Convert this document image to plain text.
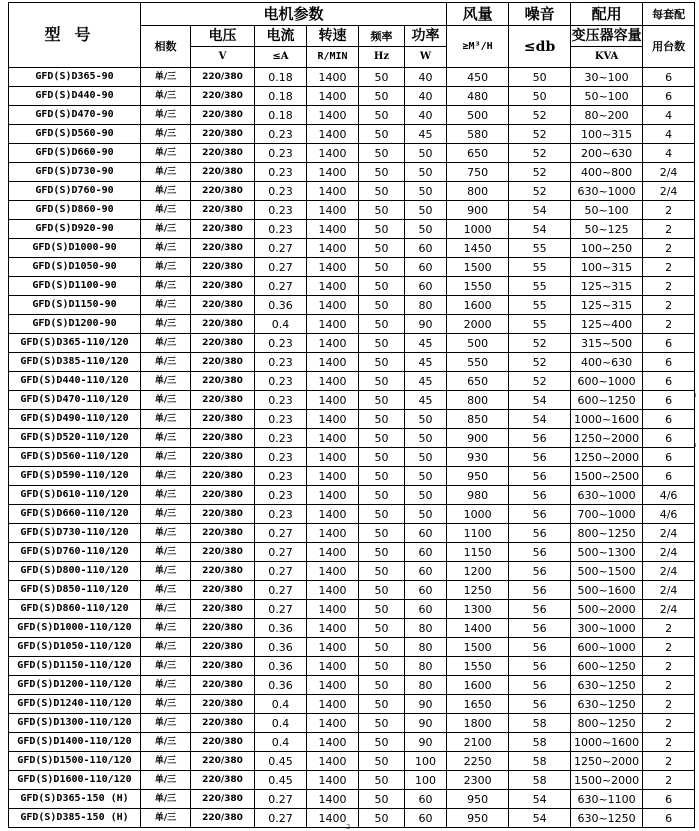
型号	电机参数						风量	噪音	配用	每套配
	相数	电压	电流	转速	频率	功率	≥M³/H	≤db	变压器容量	用台数
		V	≤A	R/MIN	Hz	W			KVA	
GFD(S)D365-90	单/三	220/380	0.18	1400	50	40	450	50	30~100	6
GFD(S)D440-90	单/三	220/380	0.18	1400	50	40	480	50	50~100	6
GFD(S)D470-90	单/三	220/380	0.18	1400	50	40	500	52	80~200	4
GFD(S)D560-90	单/三	220/380	0.23	1400	50	45	580	52	100~315	4
GFD(S)D660-90	单/三	220/380	0.23	1400	50	50	650	52	200~630	4
GFD(S)D730-90	单/三	220/380	0.23	1400	50	50	750	52	400~800	2/4
GFD(S)D760-90	单/三	220/380	0.23	1400	50	50	800	52	630~1000	2/4
GFD(S)D860-90	单/三	220/380	0.23	1400	50	50	900	54	50~100	2
GFD(S)D920-90	单/三	220/380	0.23	1400	50	50	1000	54	50~125	2
GFD(S)D1000-90	单/三	220/380	0.27	1400	50	60	1450	55	100~250	2
GFD(S)D1050-90	单/三	220/380	0.27	1400	50	60	1500	55	100~315	2
GFD(S)D1100-90	单/三	220/380	0.27	1400	50	60	1550	55	125~315	2
GFD(S)D1150-90	单/三	220/380	0.36	1400	50	80	1600	55	125~315	2
GFD(S)D1200-90	单/三	220/380	0.4	1400	50	90	2000	55	125~400	2
GFD(S)D365-110/120	单/三	220/380	0.23	1400	50	45	500	52	315~500	6
GFD(S)D385-110/120	单/三	220/380	0.23	1400	50	45	550	52	400~630	6
GFD(S)D440-110/120	单/三	220/380	0.23	1400	50	45	650	52	600~1000	6
GFD(S)D470-110/120	单/三	220/380	0.23	1400	50	45	800	54	600~1250	6
GFD(S)D490-110/120	单/三	220/380	0.23	1400	50	50	850	54	1000~1600	6
GFD(S)D520-110/120	单/三	220/380	0.23	1400	50	50	900	56	1250~2000	6
GFD(S)D560-110/120	单/三	220/380	0.23	1400	50	50	930	56	1250~2000	6
GFD(S)D590-110/120	单/三	220/380	0.23	1400	50	50	950	56	1500~2500	6
GFD(S)D610-110/120	单/三	220/380	0.23	1400	50	50	980	56	630~1000	4/6
GFD(S)D660-110/120	单/三	220/380	0.23	1400	50	50	1000	56	700~1000	4/6
GFD(S)D730-110/120	单/三	220/380	0.27	1400	50	60	1100	56	800~1250	2/4
GFD(S)D760-110/120	单/三	220/380	0.27	1400	50	60	1150	56	500~1300	2/4
GFD(S)D800-110/120	单/三	220/380	0.27	1400	50	60	1200	56	500~1500	2/4
GFD(S)D850-110/120	单/三	220/380	0.27	1400	50	60	1250	56	500~1600	2/4
GFD(S)D860-110/120	单/三	220/380	0.27	1400	50	60	1300	56	500~2000	2/4
GFD(S)D1000-110/120	单/三	220/380	0.36	1400	50	80	1400	56	300~1000	2
GFD(S)D1050-110/120	单/三	220/380	0.36	1400	50	80	1500	56	600~1000	2
GFD(S)D1150-110/120	单/三	220/380	0.36	1400	50	80	1550	56	600~1250	2
GFD(S)D1200-110/120	单/三	220/380	0.36	1400	50	80	1600	56	630~1250	2
GFD(S)D1240-110/120	单/三	220/380	0.4	1400	50	90	1650	56	630~1250	2
GFD(S)D1300-110/120	单/三	220/380	0.4	1400	50	90	1800	58	800~1250	2
GFD(S)D1400-110/120	单/三	220/380	0.4	1400	50	90	2100	58	1000~1600	2
GFD(S)D1500-110/120	单/三	220/380	0.45	1400	50	100	2250	58	1250~2000	2
GFD(S)D1600-110/120	单/三	220/380	0.45	1400	50	100	2300	58	1500~2000	2
GFD(S)D365-150 (H)	单/三	220/380	0.27	1400	50	60	950	54	630~1100	6
GFD(S)D385-150 (H)	单/三	220/380	0.27	1400	50	60	950	54	630~1250	6
2
